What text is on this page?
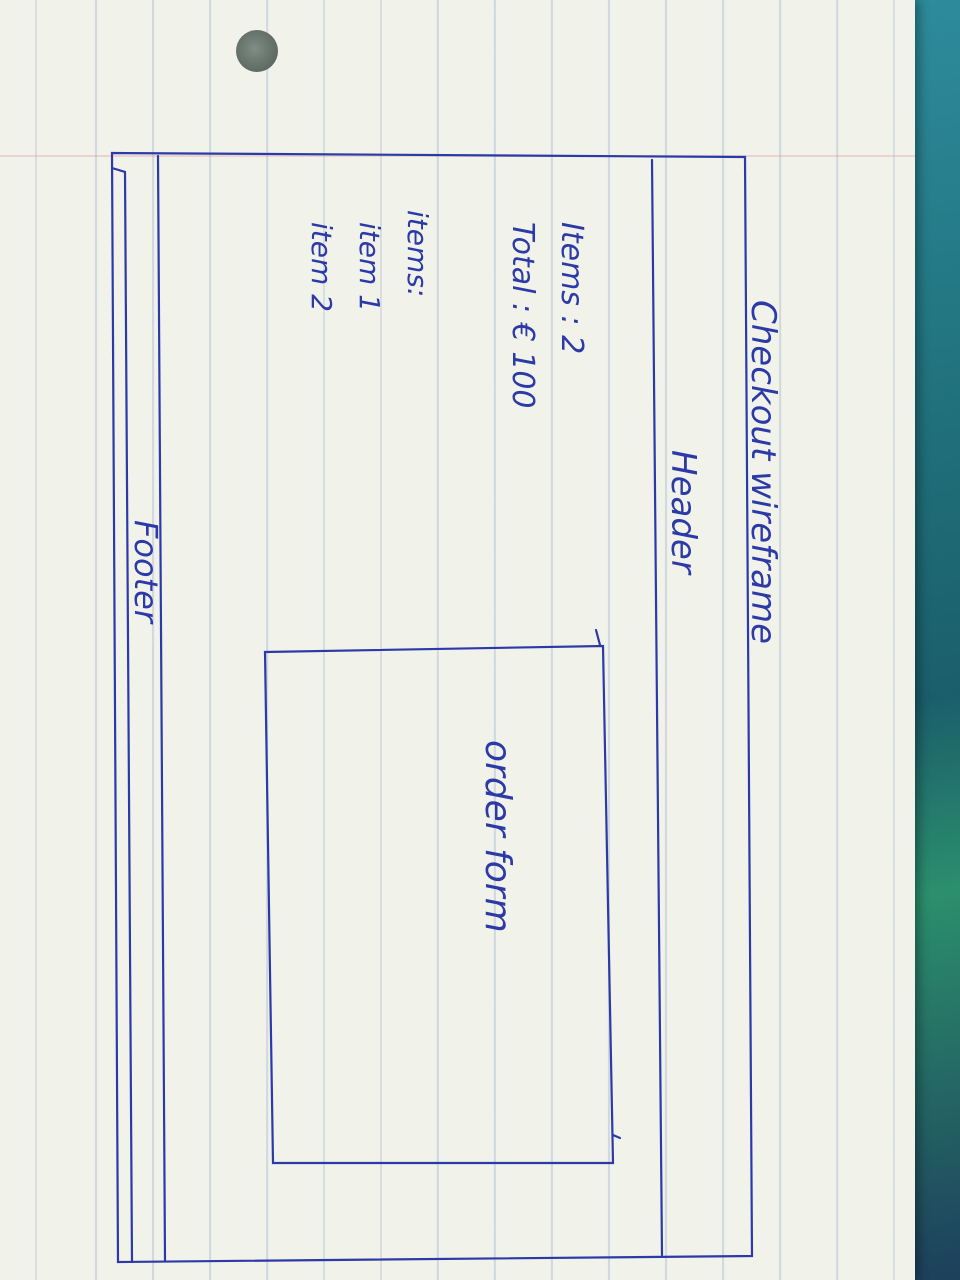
Checkout wireframe
Header
Items : 2
Total : € 100
items:
item 1
item 2
order form
Footer
